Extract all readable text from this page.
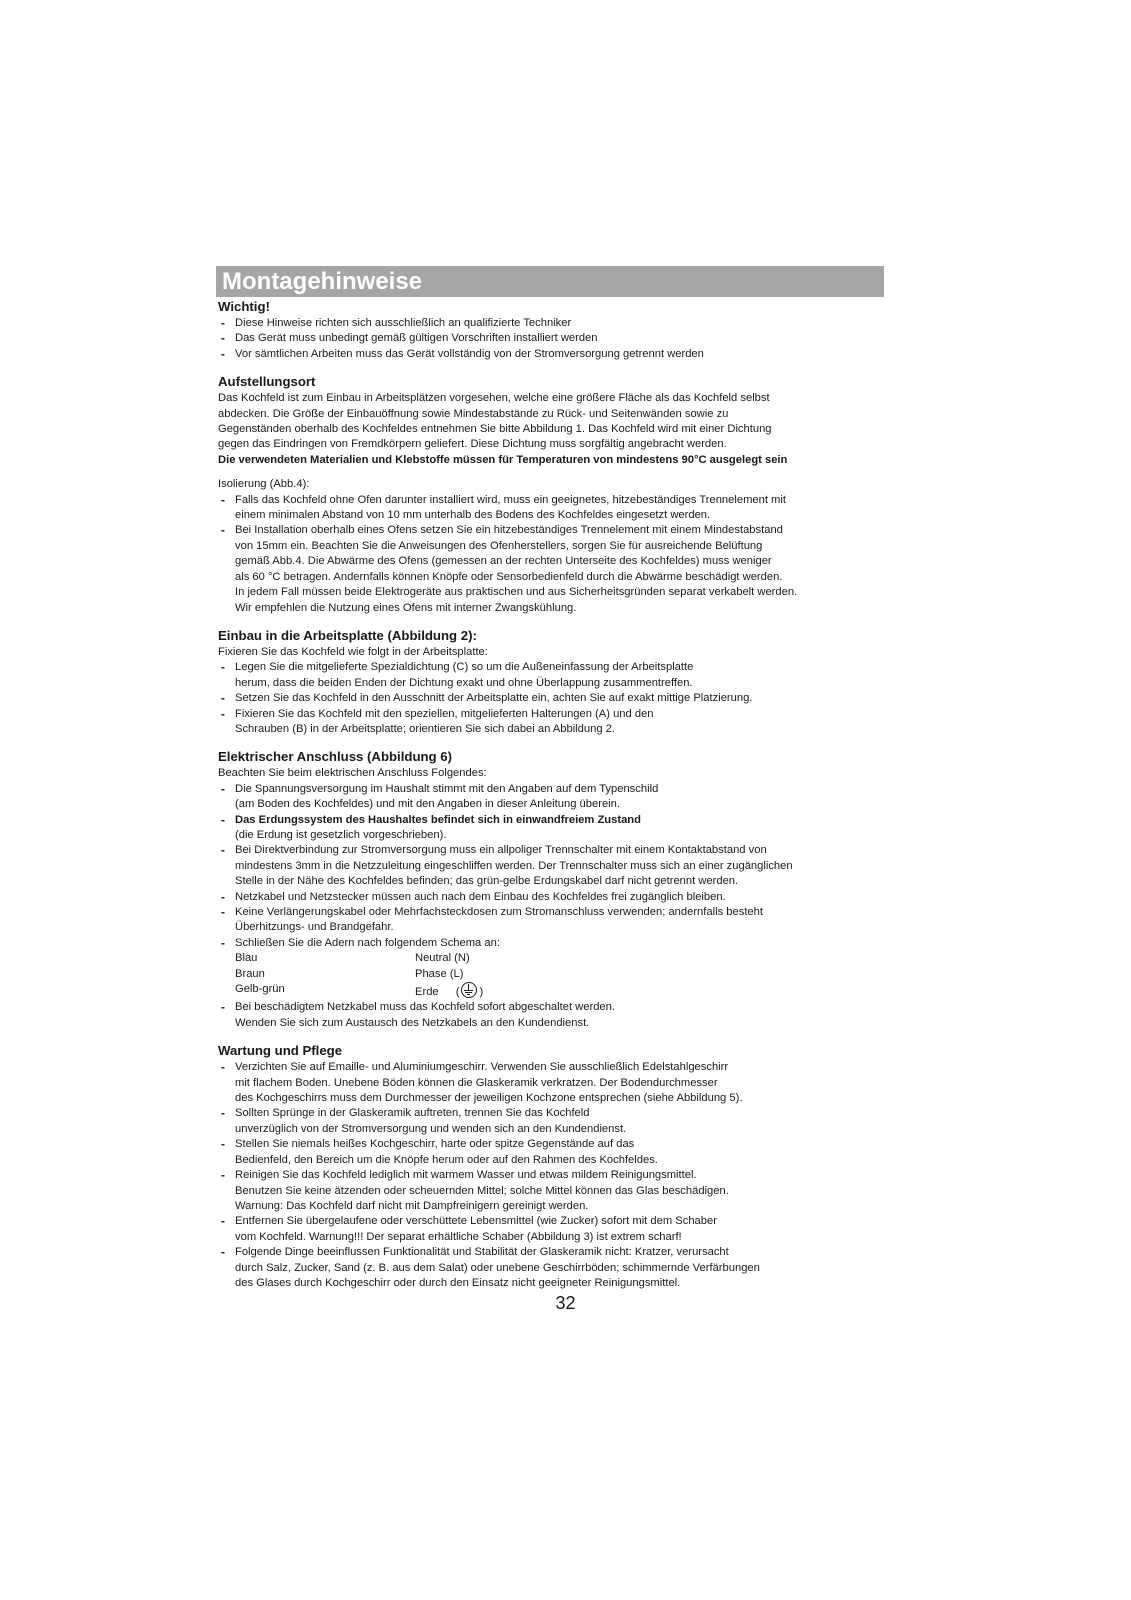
Montagehinweise
Wichtig!
- Diese Hinweise richten sich ausschließlich an qualifizierte Techniker
- Das Gerät muss unbedingt gemäß gültigen Vorschriften installiert werden
- Vor sämtlichen Arbeiten muss das Gerät vollständig von der Stromversorgung getrennt werden
Aufstellungsort
Das Kochfeld ist zum Einbau in Arbeitsplätzen vorgesehen, welche eine größere Fläche als das Kochfeld selbst
abdecken. Die Größe der Einbauöffnung sowie Mindestabstände zu Rück- und Seitenwänden sowie zu
Gegenständen oberhalb des Kochfeldes entnehmen Sie bitte Abbildung 1. Das Kochfeld wird mit einer Dichtung
gegen das Eindringen von Fremdkörpern geliefert. Diese Dichtung muss sorgfältig angebracht werden.
Die verwendeten Materialien und Klebstoffe müssen für Temperaturen von mindestens 90°C ausgelegt sein
Isolierung (Abb.4):
- Falls das Kochfeld ohne Ofen darunter installiert wird, muss ein geeignetes, hitzebeständiges Trennelement mit
einem minimalen Abstand von 10 mm unterhalb des Bodens des Kochfeldes eingesetzt werden.
- Bei Installation oberhalb eines Ofens setzen Sie ein hitzebeständiges Trennelement mit einem Mindestabstand
von 15mm ein. Beachten Sie die Anweisungen des Ofenherstellers, sorgen Sie für ausreichende Belüftung
gemäß Abb.4. Die Abwärme des Ofens (gemessen an der rechten Unterseite des Kochfeldes) muss weniger
als 60 °C betragen. Andernfalls können Knöpfe oder Sensorbedienfeld durch die Abwärme beschädigt werden.
In jedem Fall müssen beide Elektrogeräte aus praktischen und aus Sicherheitsgründen separat verkabelt werden.
Wir empfehlen die Nutzung eines Ofens mit interner Zwangskühlung.
Einbau in die Arbeitsplatte (Abbildung 2):
Fixieren Sie das Kochfeld wie folgt in der Arbeitsplatte:
- Legen Sie die mitgelieferte Spezialdichtung (C) so um die Außeneinfassung der Arbeitsplatte
herum, dass die beiden Enden der Dichtung exakt und ohne Überlappung zusammentreffen.
- Setzen Sie das Kochfeld in den Ausschnitt der Arbeitsplatte ein, achten Sie auf exakt mittige Platzierung.
- Fixieren Sie das Kochfeld mit den speziellen, mitgelieferten Halterungen (A) und den
Schrauben (B) in der Arbeitsplatte; orientieren Sie sich dabei an Abbildung 2.
Elektrischer Anschluss (Abbildung 6)
Beachten Sie beim elektrischen Anschluss Folgendes:
- Die Spannungsversorgung im Haushalt stimmt mit den Angaben auf dem Typenschild
(am Boden des Kochfeldes) und mit den Angaben in dieser Anleitung überein.
- Das Erdungssystem des Haushaltes befindet sich in einwandfreiem Zustand
(die Erdung ist gesetzlich vorgeschrieben).
- Bei Direktverbindung zur Stromversorgung muss ein allpoliger Trennschalter mit einem Kontaktabstand von
mindestens 3mm in die Netzzuleitung eingeschliffen werden. Der Trennschalter muss sich an einer zugänglichen
Stelle in der Nähe des Kochfeldes befinden; das grün-gelbe Erdungskabel darf nicht getrennt werden.
- Netzkabel und Netzstecker müssen auch nach dem Einbau des Kochfeldes frei zugänglich bleiben.
- Keine Verlängerungskabel oder Mehrfachsteckdosen zum Stromanschluss verwenden; andernfalls besteht
Überhitzungs- und Brandgefahr.
- Schließen Sie die Adern nach folgendem Schema an:
Blau	Neutral (N)
Braun	Phase (L)
Gelb-grün	Erde ( )
- Bei beschädigtem Netzkabel muss das Kochfeld sofort abgeschaltet werden.
Wenden Sie sich zum Austausch des Netzkabels an den Kundendienst.
Wartung und Pflege
- Verzichten Sie auf Emaille- und Aluminiumgeschirr. Verwenden Sie ausschließlich Edelstahlgeschirr
mit flachem Boden. Unebene Böden können die Glaskeramik verkratzen. Der Bodendurchmesser
des Kochgeschirrs muss dem Durchmesser der jeweiligen Kochzone entsprechen (siehe Abbildung 5).
- Sollten Sprünge in der Glaskeramik auftreten, trennen Sie das Kochfeld
unverzüglich von der Stromversorgung und wenden sich an den Kundendienst.
- Stellen Sie niemals heißes Kochgeschirr, harte oder spitze Gegenstände auf das
Bedienfeld, den Bereich um die Knöpfe herum oder auf den Rahmen des Kochfeldes.
- Reinigen Sie das Kochfeld lediglich mit warmem Wasser und etwas mildem Reinigungsmittel.
Benutzen Sie keine ätzenden oder scheuernden Mittel; solche Mittel können das Glas beschädigen.
Warnung: Das Kochfeld darf nicht mit Dampfreinigern gereinigt werden.
- Entfernen Sie übergelaufene oder verschüttete Lebensmittel (wie Zucker) sofort mit dem Schaber
vom Kochfeld. Warnung!!! Der separat erhältliche Schaber (Abbildung 3) ist extrem scharf!
- Folgende Dinge beeinflussen Funktionalität und Stabilität der Glaskeramik nicht: Kratzer, verursacht
durch Salz, Zucker, Sand (z. B. aus dem Salat) oder unebene Geschirrböden; schimmernde Verfärbungen
des Glases durch Kochgeschirr oder durch den Einsatz nicht geeigneter Reinigungsmittel.
32
